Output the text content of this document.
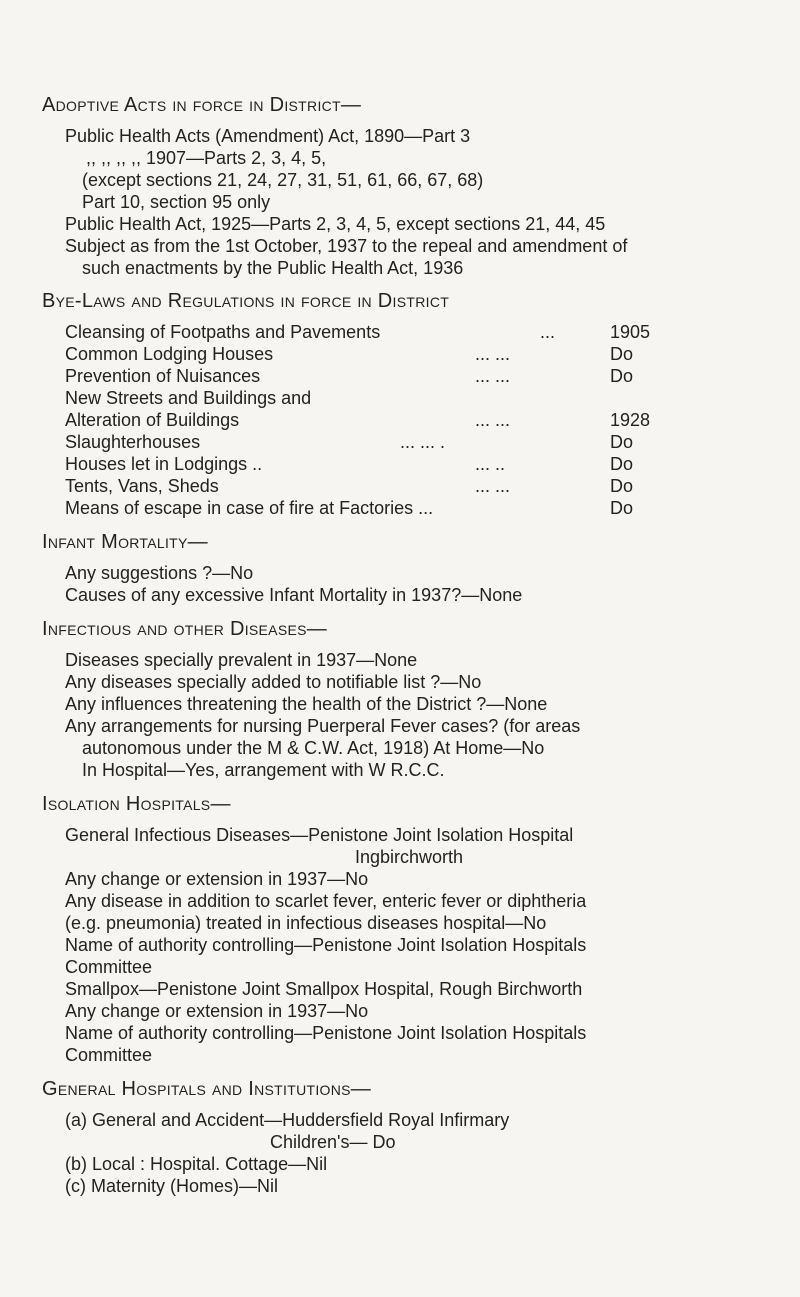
Adoptive Acts in force in District—
Public Health Acts (Amendment) Act, 1890—Part 3
,, ,, ,, ,, 1907—Parts 2, 3, 4, 5,
(except sections 21, 24, 27, 31, 51, 61, 66, 67, 68)
Part 10, section 95 only
Public Health Act, 1925—Parts 2, 3, 4, 5, except sections 21, 44, 45
Subject as from the 1st October, 1937 to the repeal and amendment of
such enactments by the Public Health Act, 1936
Bye-Laws and Regulations in force in District
Cleansing of Footpaths and Pavements	...	1905
Common Lodging Houses	... ...	Do
Prevention of Nuisances	... ...	Do
New Streets and Buildings and
Alteration of Buildings	... ...	1928
Slaughterhouses	... ... .	Do
Houses let in Lodgings ..	... ..	Do
Tents, Vans, Sheds	... ...	Do
Means of escape in case of fire at Factories ...	Do
Infant Mortality—
Any suggestions ?—No
Causes of any excessive Infant Mortality in 1937?—None
Infectious and other Diseases—
Diseases specially prevalent in 1937—None
Any diseases specially added to notifiable list ?—No
Any influences threatening the health of the District ?—None
Any arrangements for nursing Puerperal Fever cases? (for areas
autonomous under the M & C.W. Act, 1918) At Home—No
In Hospital—Yes, arrangement with W R.C.C.
Isolation Hospitals—
General Infectious Diseases—Penistone Joint Isolation Hospital
Ingbirchworth
Any change or extension in 1937—No
Any disease in addition to scarlet fever, enteric fever or diphtheria
(e.g. pneumonia) treated in infectious diseases hospital—No
Name of authority controlling—Penistone Joint Isolation Hospitals
Committee
Smallpox—Penistone Joint Smallpox Hospital, Rough Birchworth
Any change or extension in 1937—No
Name of authority controlling—Penistone Joint Isolation Hospitals
Committee
General Hospitals and Institutions—
(a) General and Accident—Huddersfield Royal Infirmary
Children's— Do
(b) Local : Hospital. Cottage—Nil
(c) Maternity (Homes)—Nil
